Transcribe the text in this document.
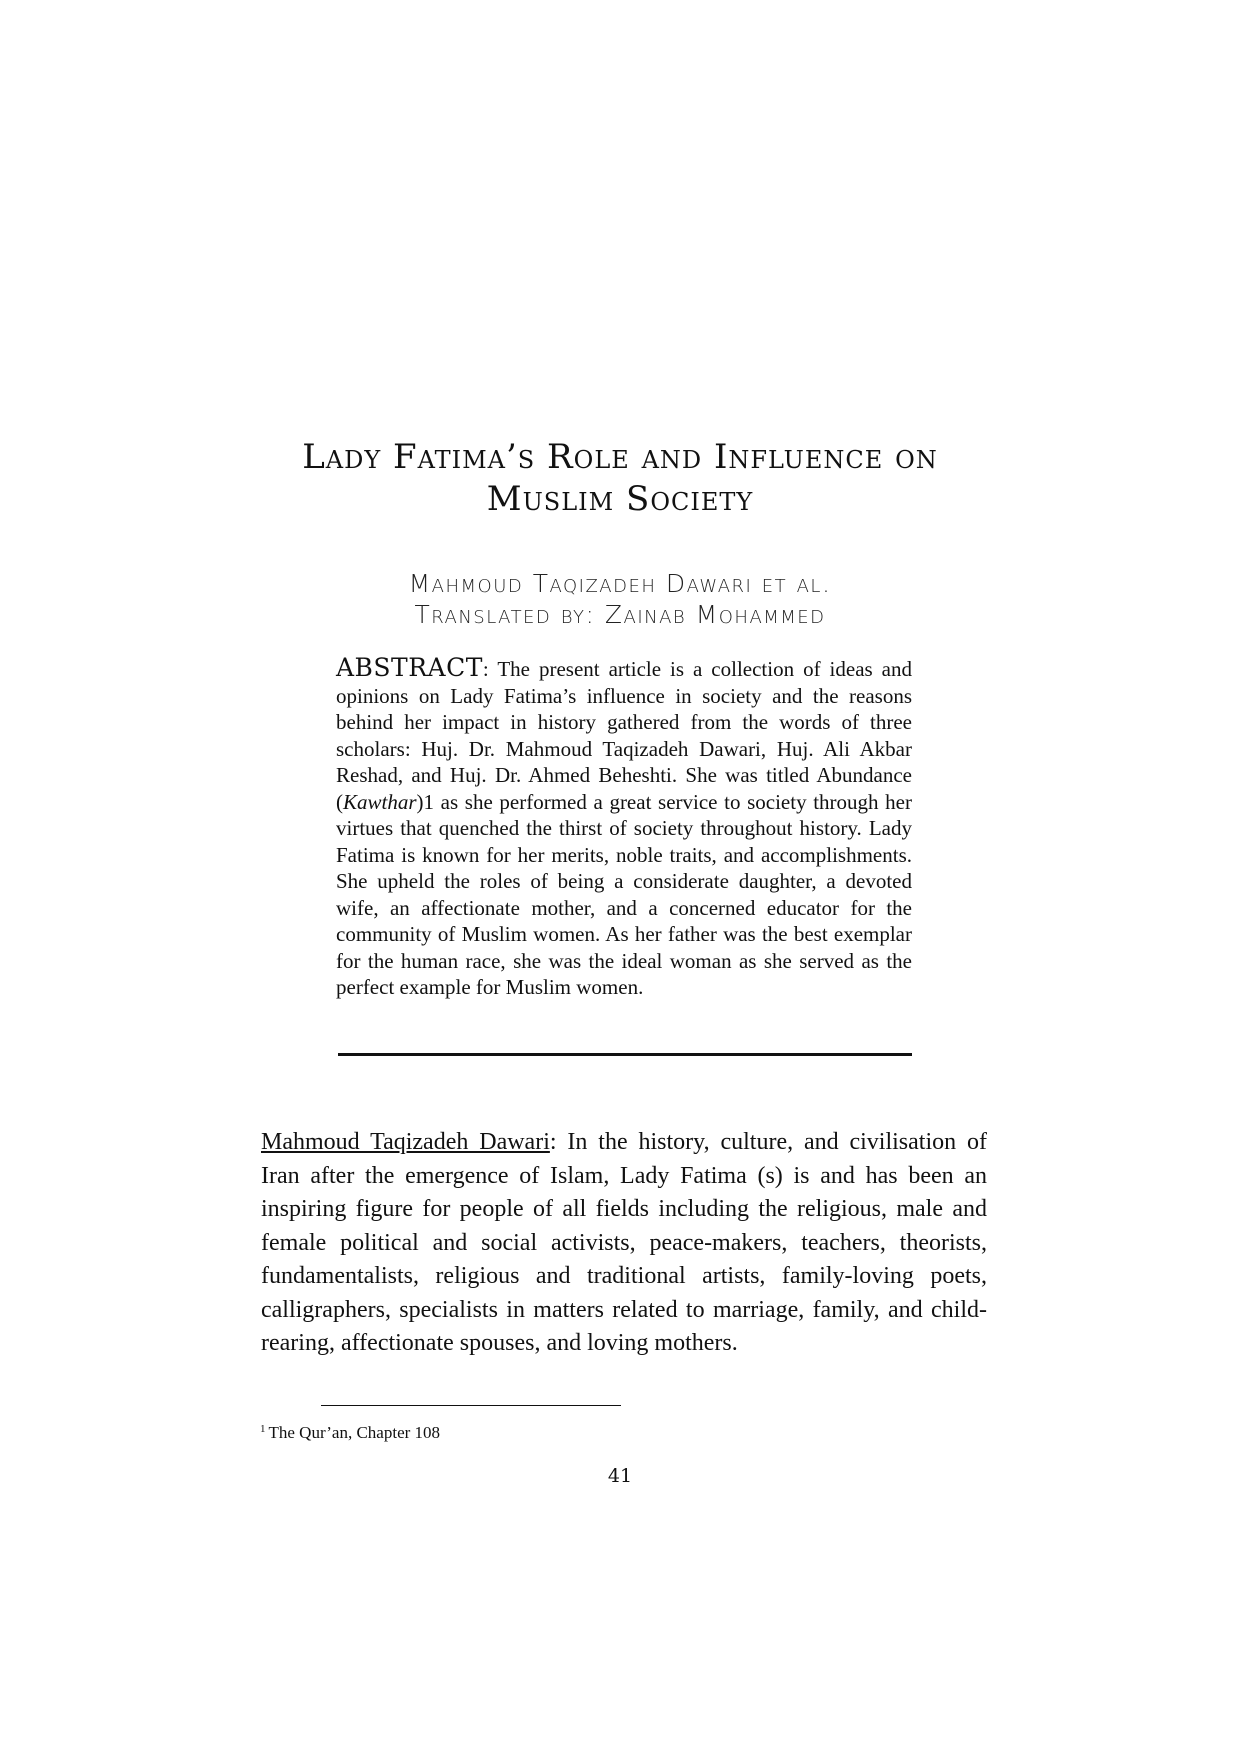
Lady Fatima’s Role and Influence on
Muslim Society
Mahmoud Taqizadeh Dawari et al.
Translated by: Zainab Mohammed
ABSTRACT: The present article is a collection of ideas and opinions on Lady Fatima’s influence in society and the reasons behind her impact in history gathered from the words of three scholars: Huj. Dr. Mahmoud Taqizadeh Dawari, Huj. Ali Akbar Reshad, and Huj. Dr. Ahmed Beheshti. She was titled Abundance (Kawthar)1 as she performed a great service to society through her virtues that quenched the thirst of society throughout history. Lady Fatima is known for her merits, noble traits, and accomplishments. She upheld the roles of being a considerate daughter, a devoted wife, an affectionate mother, and a concerned educator for the community of Muslim women. As her father was the best exemplar for the human race, she was the ideal woman as she served as the perfect example for Muslim women.
Mahmoud Taqizadeh Dawari: In the history, culture, and civilisation of Iran after the emergence of Islam, Lady Fatima (s) is and has been an inspiring figure for people of all fields including the religious, male and female political and social activists, peace-makers, teachers, theorists, fundamentalists, religious and traditional artists, family-loving poets, calligraphers, specialists in matters related to marriage, family, and child-rearing, affectionate spouses, and loving mothers.
$^1$ The Qur’an, Chapter 108
41
